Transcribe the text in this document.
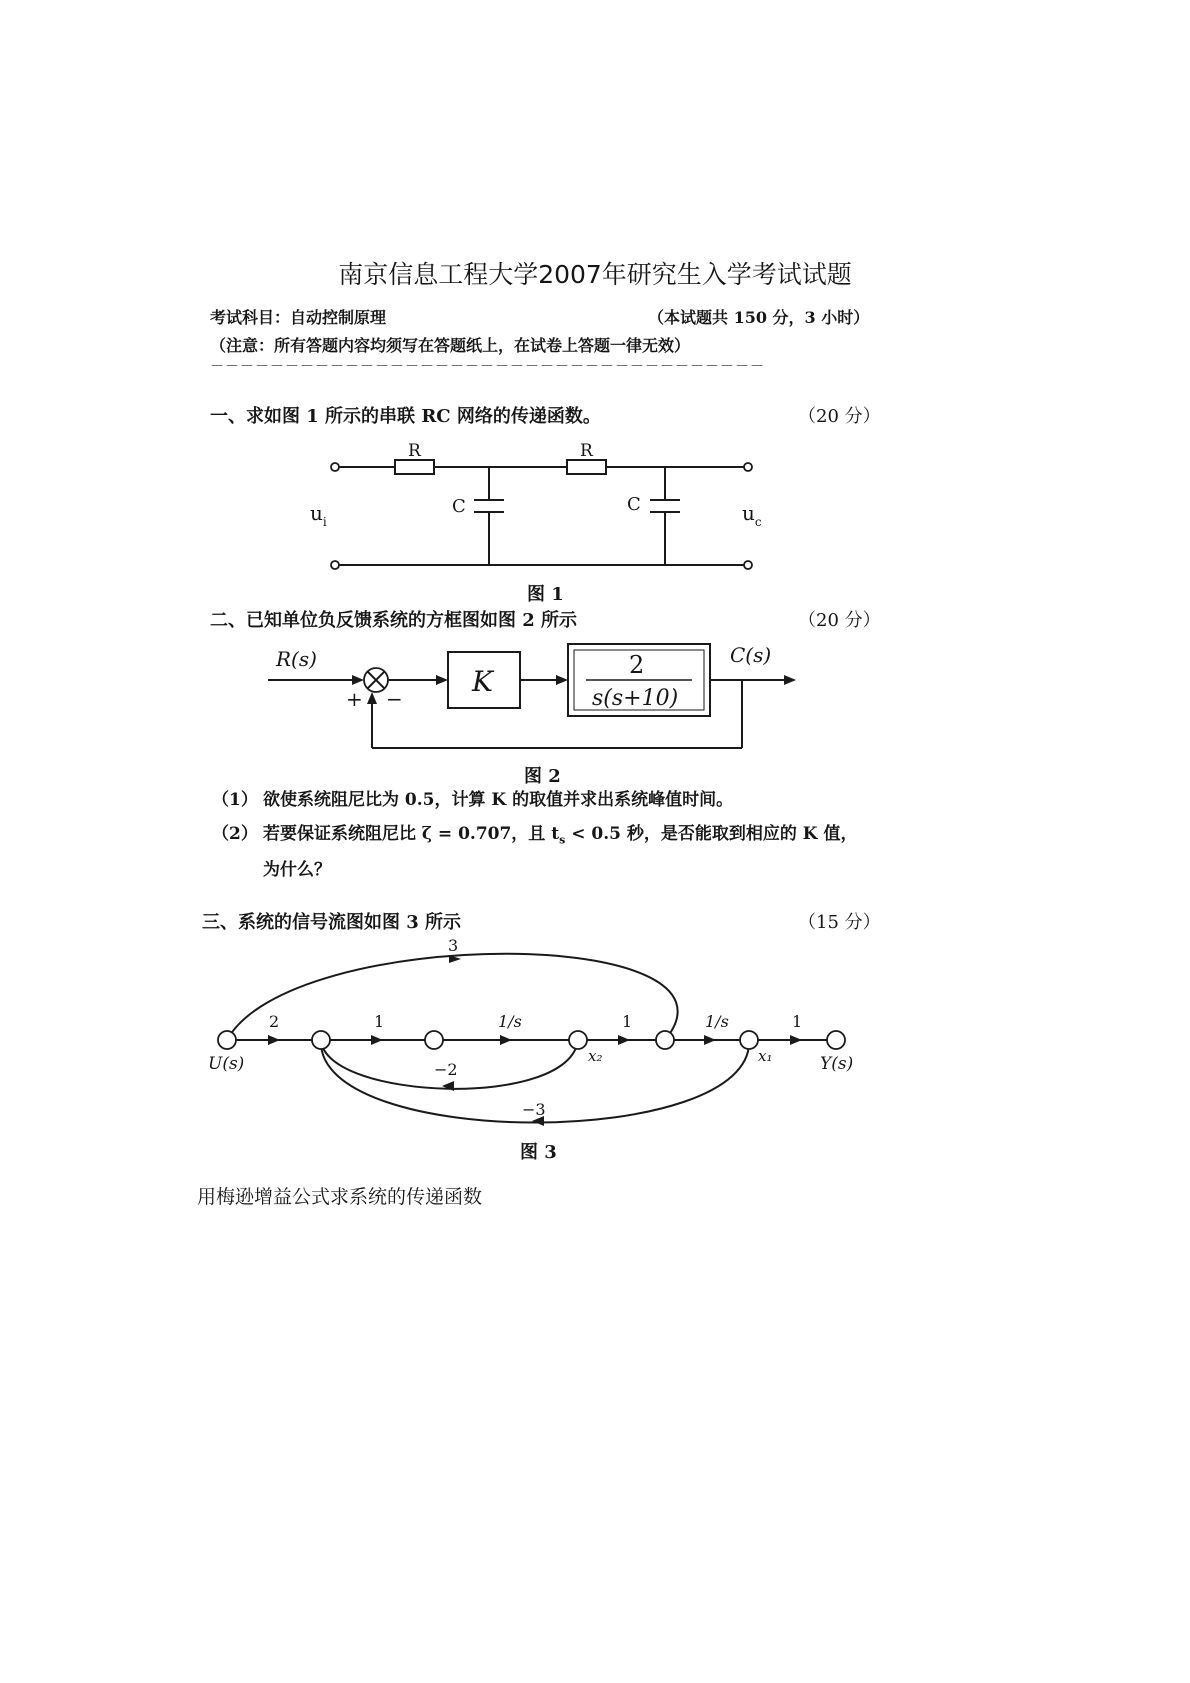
南京信息工程大学2007年研究生入学考试试题
考试科目：自动控制原理	（本试题共 150 分，3 小时）
（注意：所有答题内容均须写在答题纸上，在试卷上答题一律无效）
－－－－－－－－－－－－－－－－－－－－－－－－－－－－－－－－－－－－－
一、求如图 1 所示的串联 RC 网络的传递函数。	（20 分）
R	R
C	C
$u_i$	$u_c$
图 1
二、已知单位负反馈系统的方框图如图 2 所示	（20 分）
R(s)
+ −
K	2
s(s+10)
C(s)
图 2
（1） 欲使系统阻尼比为 0.5，计算 K 的取值并求出系统峰值时间。
（2） 若要保证系统阻尼比 ζ = 0.707，且 $t_s < 0.5$ 秒，是否能取到相应的 K 值，
为什么？
三、系统的信号流图如图 3 所示	（15 分）
2	1	1/s	1	1/s	1
3
−2
−3
U(s)	x₂	x₁	Y(s)
图 3
用梅逊增益公式求系统的传递函数
